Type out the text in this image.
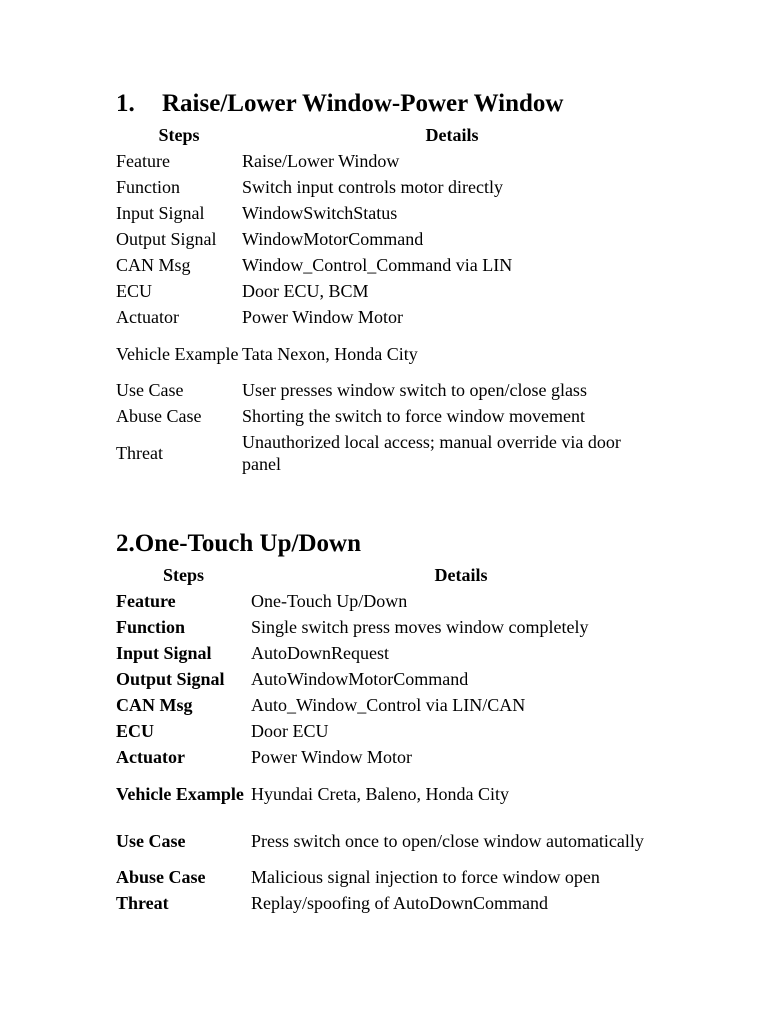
1. Raise/Lower Window-Power Window
Steps	Details
Feature	Raise/Lower Window
Function	Switch input controls motor directly
Input Signal	WindowSwitchStatus
Output Signal	WindowMotorCommand
CAN Msg	Window_Control_Command via LIN
ECU	Door ECU, BCM
Actuator	Power Window Motor
Vehicle Example	Tata Nexon, Honda City
Use Case	User presses window switch to open/close glass
Abuse Case	Shorting the switch to force window movement
Threat	Unauthorized local access; manual override via door panel
2.One-Touch Up/Down
Steps	Details
Feature	One-Touch Up/Down
Function	Single switch press moves window completely
Input Signal	AutoDownRequest
Output Signal	AutoWindowMotorCommand
CAN Msg	Auto_Window_Control via LIN/CAN
ECU	Door ECU
Actuator	Power Window Motor
Vehicle Example	Hyundai Creta, Baleno, Honda City
Use Case	Press switch once to open/close window automatically
Abuse Case	Malicious signal injection to force window open
Threat	Replay/spoofing of AutoDownCommand
